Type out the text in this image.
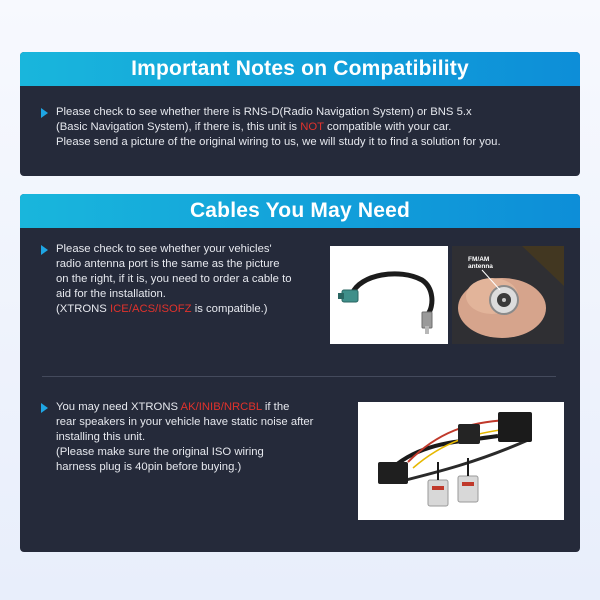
Important Notes on Compatibility
Please check to see whether there is RNS-D(Radio Navigation System) or BNS 5.x
(Basic Navigation System), if there is, this unit is NOT compatible with your car.
Please send a picture of the original wiring to us, we will study it to find a solution for you.
Cables You May Need
Please check to see whether your vehicles'
radio antenna port is the same as the picture
on the right, if it is, you need to order a cable to
aid for the installation.
(XTRONS ICE/ACS/ISOFZ is compatible.)
FM/AM
antenna
You may need XTRONS AK/INIB/NRCBL if the
rear speakers in your vehicle have static noise after
installing this unit.
(Please make sure the original ISO wiring
harness plug is 40pin before buying.)
